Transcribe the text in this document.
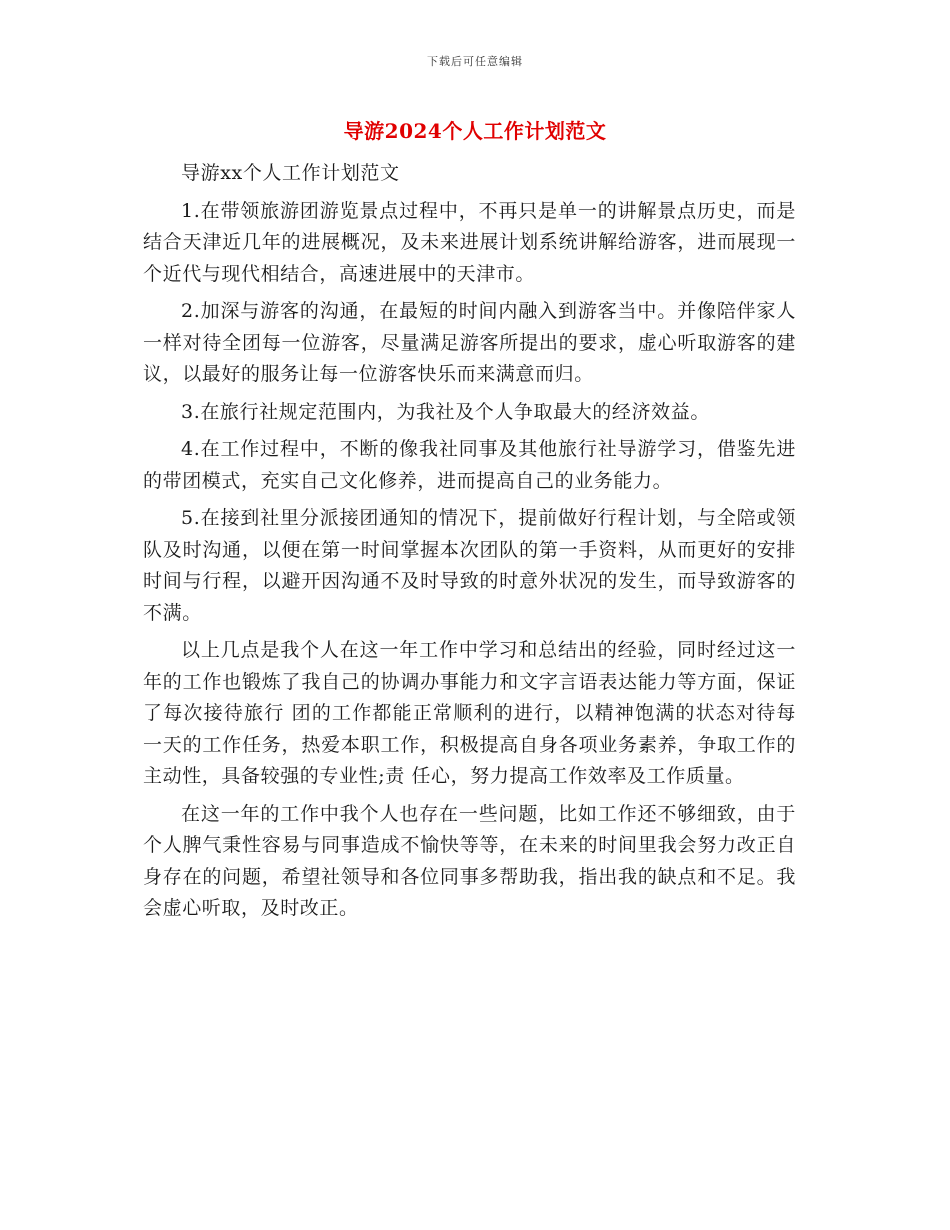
下载后可任意编辑
导游2024个人工作计划范文

导游xx个人工作计划范文

1.在带领旅游团游览景点过程中，不再只是单一的讲解景点历史，而是结合天津近几年的进展概况，及未来进展计划系统讲解给游客，进而展现一个近代与现代相结合，高速进展中的天津市。

2.加深与游客的沟通，在最短的时间内融入到游客当中。并像陪伴家人一样对待全团每一位游客，尽量满足游客所提出的要求，虚心听取游客的建议，以最好的服务让每一位游客快乐而来满意而归。

3.在旅行社规定范围内，为我社及个人争取最大的经济效益。

4.在工作过程中，不断的像我社同事及其他旅行社导游学习，借鉴先进的带团模式，充实自己文化修养，进而提高自己的业务能力。

5.在接到社里分派接团通知的情况下，提前做好行程计划，与全陪或领队及时沟通，以便在第一时间掌握本次团队的第一手资料，从而更好的安排时间与行程，以避开因沟通不及时导致的时意外状况的发生，而导致游客的不满。

以上几点是我个人在这一年工作中学习和总结出的经验，同时经过这一年的工作也锻炼了我自己的协调办事能力和文字言语表达能力等方面，保证了每次接待旅行 团的工作都能正常顺利的进行，以精神饱满的状态对待每一天的工作任务，热爱本职工作，积极提高自身各项业务素养，争取工作的主动性，具备较强的专业性;责 任心，努力提高工作效率及工作质量。

在这一年的工作中我个人也存在一些问题，比如工作还不够细致，由于个人脾气秉性容易与同事造成不愉快等等，在未来的时间里我会努力改正自身存在的问题，希望社领导和各位同事多帮助我，指出我的缺点和不足。我会虚心听取，及时改正。
